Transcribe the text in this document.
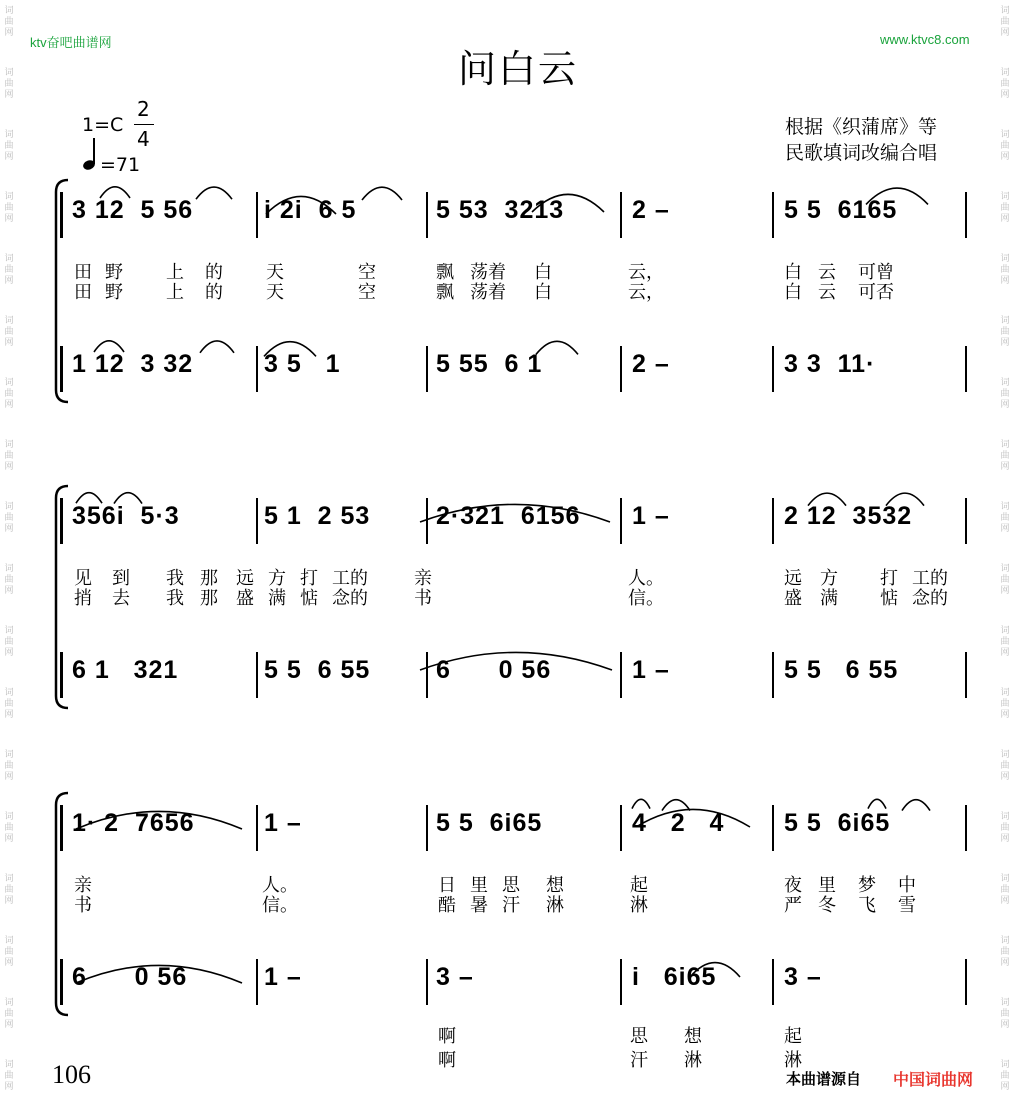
ktv奋吧曲谱网	www.ktvc8.com
问白云
1=C
2
4
=71
根据《织蒲席》等
民歌填词改编合唱
3 12  5 56	i 2i  6 5	5 53  3213	2 –	5 5  6165
1 12  3 32	3 5   1	5 55  6 1	2 –	3 3  11·
田 野 上 的 天	空	飘 荡着 白	云，	白 云 可曾
田 野 上 的 天	空	飘 荡着 白	云，	白 云 可否
356i  5·3	5 1  2 53	2·321  6156 1 –	2 12  3532
6 1   321	5 5  6 55	6      0 56	1 –	5 5   6 55
见 到 我 那 远 方 打 工的	亲	人。	远 方 打 工的
捎 去 我 那 盛 满 惦 念的	书	信。	盛 满 惦 念的
1· 2  7656	1 –	5 5  6i65	4   2   4 5 5  6i65
6      0 56	1 –	3 –	i   6i65	3 –
亲	人。	日 里 思 想	起	夜 里 梦 中
书	信。	酷 暑 汗 淋	淋	严 冬 飞 雪
啊	思 想	起
啊	汗 淋	淋
106	本曲谱源自 中国词曲网
词
曲
网
词
曲
网
词
曲
网
词
曲
网
词
曲
网
词
曲
网
词
曲
网
词
曲
网
词
曲
网
词
曲
网
词
曲
网
词
曲
网
词
曲
网
词
曲
网
词
曲
网
词
曲
网
词
曲
网
词
曲
网
词
曲
网
词
曲
网
词
曲
网
词
曲
网
词
曲
网
词
曲
网
词
曲
网
词
曲
网
词
曲
网
词
曲
网
词
曲
网
词
曲
网
词
曲
网
词
曲
网
词
曲
网
词
曲
网
词
曲
网
词
曲
网
